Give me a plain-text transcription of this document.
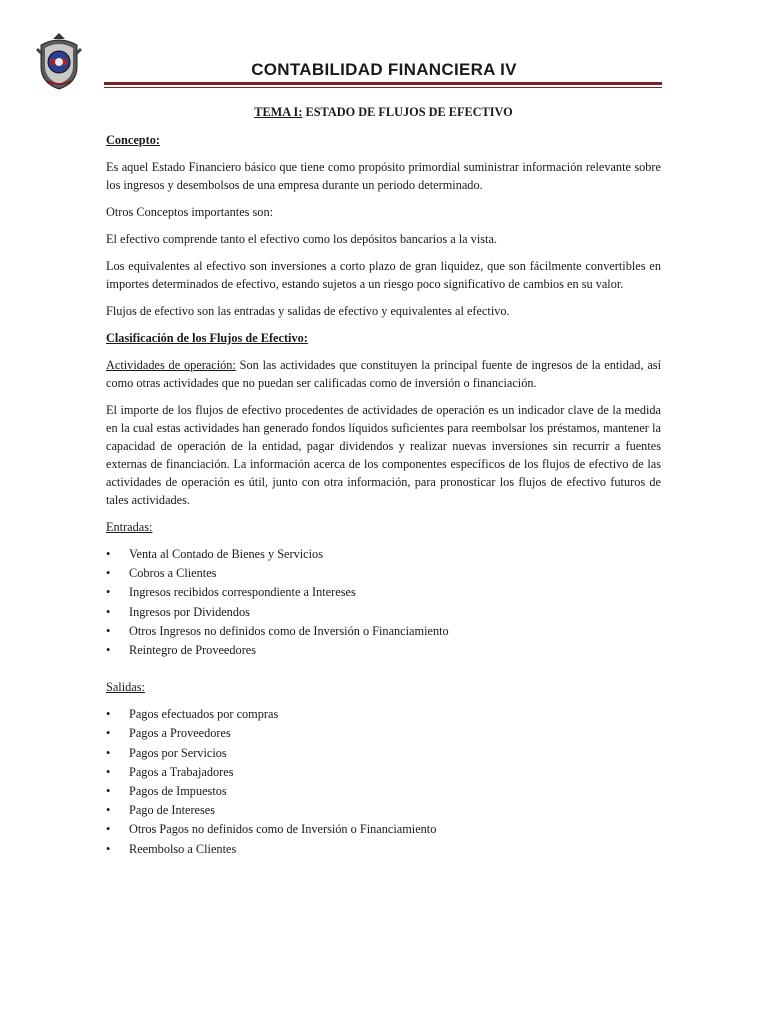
CONTABILIDAD FINANCIERA IV

TEMA I: ESTADO DE FLUJOS DE EFECTIVO

Concepto:

Es aquel Estado Financiero básico que tiene como propósito primordial suministrar información relevante sobre los ingresos y desembolsos de una empresa durante un periodo determinado.

Otros Conceptos importantes son:

El efectivo comprende tanto el efectivo como los depósitos bancarios a la vista.

Los equivalentes al efectivo son inversiones a corto plazo de gran liquidez, que son fácilmente convertibles en importes determinados de efectivo, estando sujetos a un riesgo poco significativo de cambios en su valor.

Flujos de efectivo son las entradas y salidas de efectivo y equivalentes al efectivo.

Clasificación de los Flujos de Efectivo:

Actividades de operación: Son las actividades que constituyen la principal fuente de ingresos de la entidad, así como otras actividades que no puedan ser calificadas como de inversión o financiación.

El importe de los flujos de efectivo procedentes de actividades de operación es un indicador clave de la medida en la cual estas actividades han generado fondos líquidos suficientes para reembolsar los préstamos, mantener la capacidad de operación de la entidad, pagar dividendos y realizar nuevas inversiones sin recurrir a fuentes externas de financiación. La información acerca de los componentes específicos de los flujos de efectivo de las actividades de operación es útil, junto con otra información, para pronosticar los flujos de efectivo futuros de tales actividades.

Entradas:

• Venta al Contado de Bienes y Servicios
• Cobros a Clientes
• Ingresos recibidos correspondiente a Intereses
• Ingresos por Dividendos
• Otros Ingresos no definidos como de Inversión o Financiamiento
• Reintegro de Proveedores

Salidas:

• Pagos efectuados por compras
• Pagos a Proveedores
• Pagos por Servicios
• Pagos a Trabajadores
• Pagos de Impuestos
• Pago de Intereses
• Otros Pagos no definidos como de Inversión o Financiamiento
• Reembolso a Clientes
